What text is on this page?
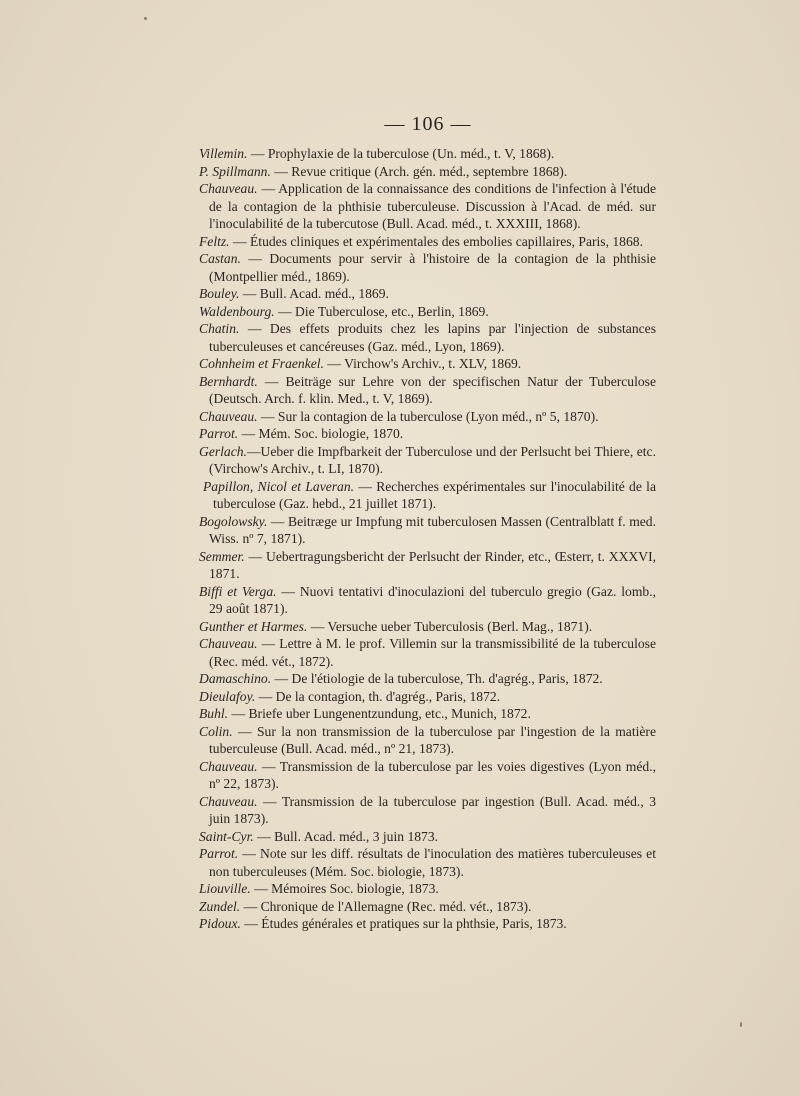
— 106 —

Villemin. — Prophylaxie de la tuberculose (Un. méd., t. V, 1868).

P. Spillmann. — Revue critique (Arch. gén. méd., septembre 1868).

Chauveau. — Application de la connaissance des conditions de l'infection à l'étude de la contagion de la phthisie tuberculeuse. Discussion à l'Acad. de méd. sur l'inoculabilité de la tubercutose (Bull. Acad. méd., t. XXXIII, 1868).

Feltz. — Études cliniques et expérimentales des embolies capillaires, Paris, 1868.

Castan. — Documents pour servir à l'histoire de la contagion de la phthisie (Montpellier méd., 1869).

Bouley. — Bull. Acad. méd., 1869.

Waldenbourg. — Die Tuberculose, etc., Berlin, 1869.

Chatin. — Des effets produits chez les lapins par l'injection de substances tuberculeuses et cancéreuses (Gaz. méd., Lyon, 1869).

Cohnheim et Fraenkel. — Virchow's Archiv., t. XLV, 1869.

Bernhardt. — Beiträge sur Lehre von der specifischen Natur der Tuberculose (Deutsch. Arch. f. klin. Med., t. V, 1869).

Chauveau. — Sur la contagion de la tuberculose (Lyon méd., nº 5, 1870).

Parrot. — Mém. Soc. biologie, 1870.

Gerlach.—Ueber die Impfbarkeit der Tuberculose und der Perlsucht bei Thiere, etc. (Virchow's Archiv., t. LI, 1870).

Papillon, Nicol et Laveran. — Recherches expérimentales sur l'inoculabilité de la tuberculose (Gaz. hebd., 21 juillet 1871).

Bogolowsky. — Beitræge ur Impfung mit tuberculosen Massen (Centralblatt f. med. Wiss. nº 7, 1871).

Semmer. — Uebertragungsbericht der Perlsucht der Rinder, etc., Œsterr, t. XXXVI, 1871.

Biffi et Verga. — Nuovi tentativi d'inoculazioni del tuberculo gregio (Gaz. lomb., 29 août 1871).

Gunther et Harmes. — Versuche ueber Tuberculosis (Berl. Mag., 1871).

Chauveau. — Lettre à M. le prof. Villemin sur la transmissibilité de la tuberculose (Rec. méd. vét., 1872).

Damaschino. — De l'étiologie de la tuberculose, Th. d'agrég., Paris, 1872.

Dieulafoy. — De la contagion, th. d'agrég., Paris, 1872.

Buhl. — Briefe uber Lungenentzundung, etc., Munich, 1872.

Colin. — Sur la non transmission de la tuberculose par l'ingestion de la matière tuberculeuse (Bull. Acad. méd., nº 21, 1873).

Chauveau. — Transmission de la tuberculose par les voies digestives (Lyon méd., nº 22, 1873).

Chauveau. — Transmission de la tuberculose par ingestion (Bull. Acad. méd., 3 juin 1873).

Saint-Cyr. — Bull. Acad. méd., 3 juin 1873.

Parrot. — Note sur les diff. résultats de l'inoculation des matières tuberculeuses et non tuberculeuses (Mém. Soc. biologie, 1873).

Liouville. — Mémoires Soc. biologie, 1873.

Zundel. — Chronique de l'Allemagne (Rec. méd. vét., 1873).

Pidoux. — Études générales et pratiques sur la phthsie, Paris, 1873.
